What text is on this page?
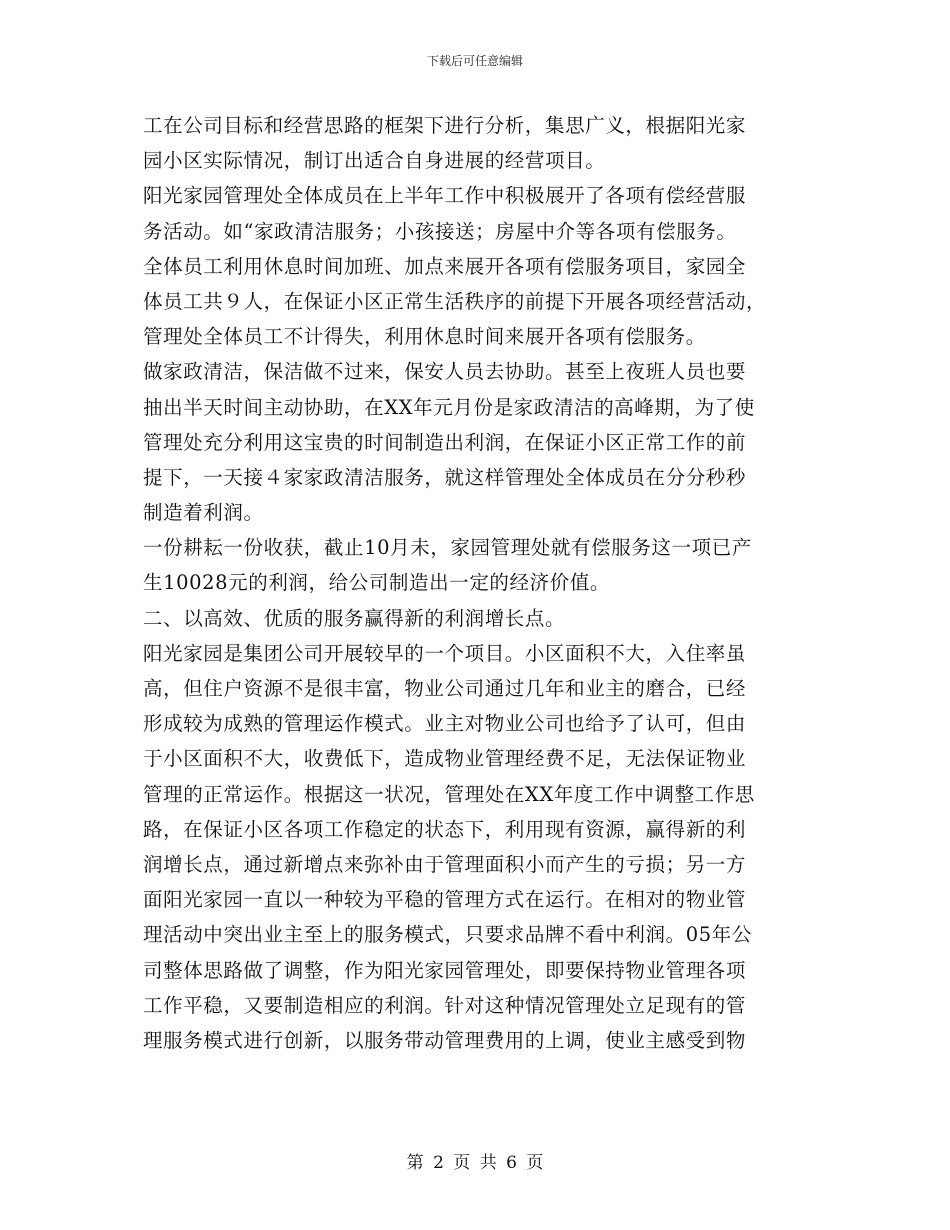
下载后可任意编辑
工在公司目标和经营思路的框架下进行分析，集思广义，根据阳光家
园小区实际情况，制订出适合自身进展的经营项目。
阳光家园管理处全体成员在上半年工作中积极展开了各项有偿经营服
务活动。如“家政清洁服务；小孩接送；房屋中介等各项有偿服务。
全体员工利用休息时间加班、加点来展开各项有偿服务项目，家园全
体员工共９人，在保证小区正常生活秩序的前提下开展各项经营活动，
管理处全体员工不计得失，利用休息时间来展开各项有偿服务。
做家政清洁，保洁做不过来，保安人员去协助。甚至上夜班人员也要
抽出半天时间主动协助，在XX年元月份是家政清洁的高峰期，为了使
管理处充分利用这宝贵的时间制造出利润，在保证小区正常工作的前
提下，一天接４家家政清洁服务，就这样管理处全体成员在分分秒秒
制造着利润。
一份耕耘一份收获，截止10月未，家园管理处就有偿服务这一项已产
生10028元的利润，给公司制造出一定的经济价值。
二、以高效、优质的服务赢得新的利润增长点。
阳光家园是集团公司开展较早的一个项目。小区面积不大，入住率虽
高，但住户资源不是很丰富，物业公司通过几年和业主的磨合，已经
形成较为成熟的管理运作模式。业主对物业公司也给予了认可，但由
于小区面积不大，收费低下，造成物业管理经费不足，无法保证物业
管理的正常运作。根据这一状况，管理处在XX年度工作中调整工作思
路，在保证小区各项工作稳定的状态下，利用现有资源，赢得新的利
润增长点，通过新增点来弥补由于管理面积小而产生的亏损；另一方
面阳光家园一直以一种较为平稳的管理方式在运行。在相对的物业管
理活动中突出业主至上的服务模式，只要求品牌不看中利润。05年公
司整体思路做了调整，作为阳光家园管理处，即要保持物业管理各项
工作平稳，又要制造相应的利润。针对这种情况管理处立足现有的管
理服务模式进行创新，以服务带动管理费用的上调，使业主感受到物
第 2 页 共 6 页
